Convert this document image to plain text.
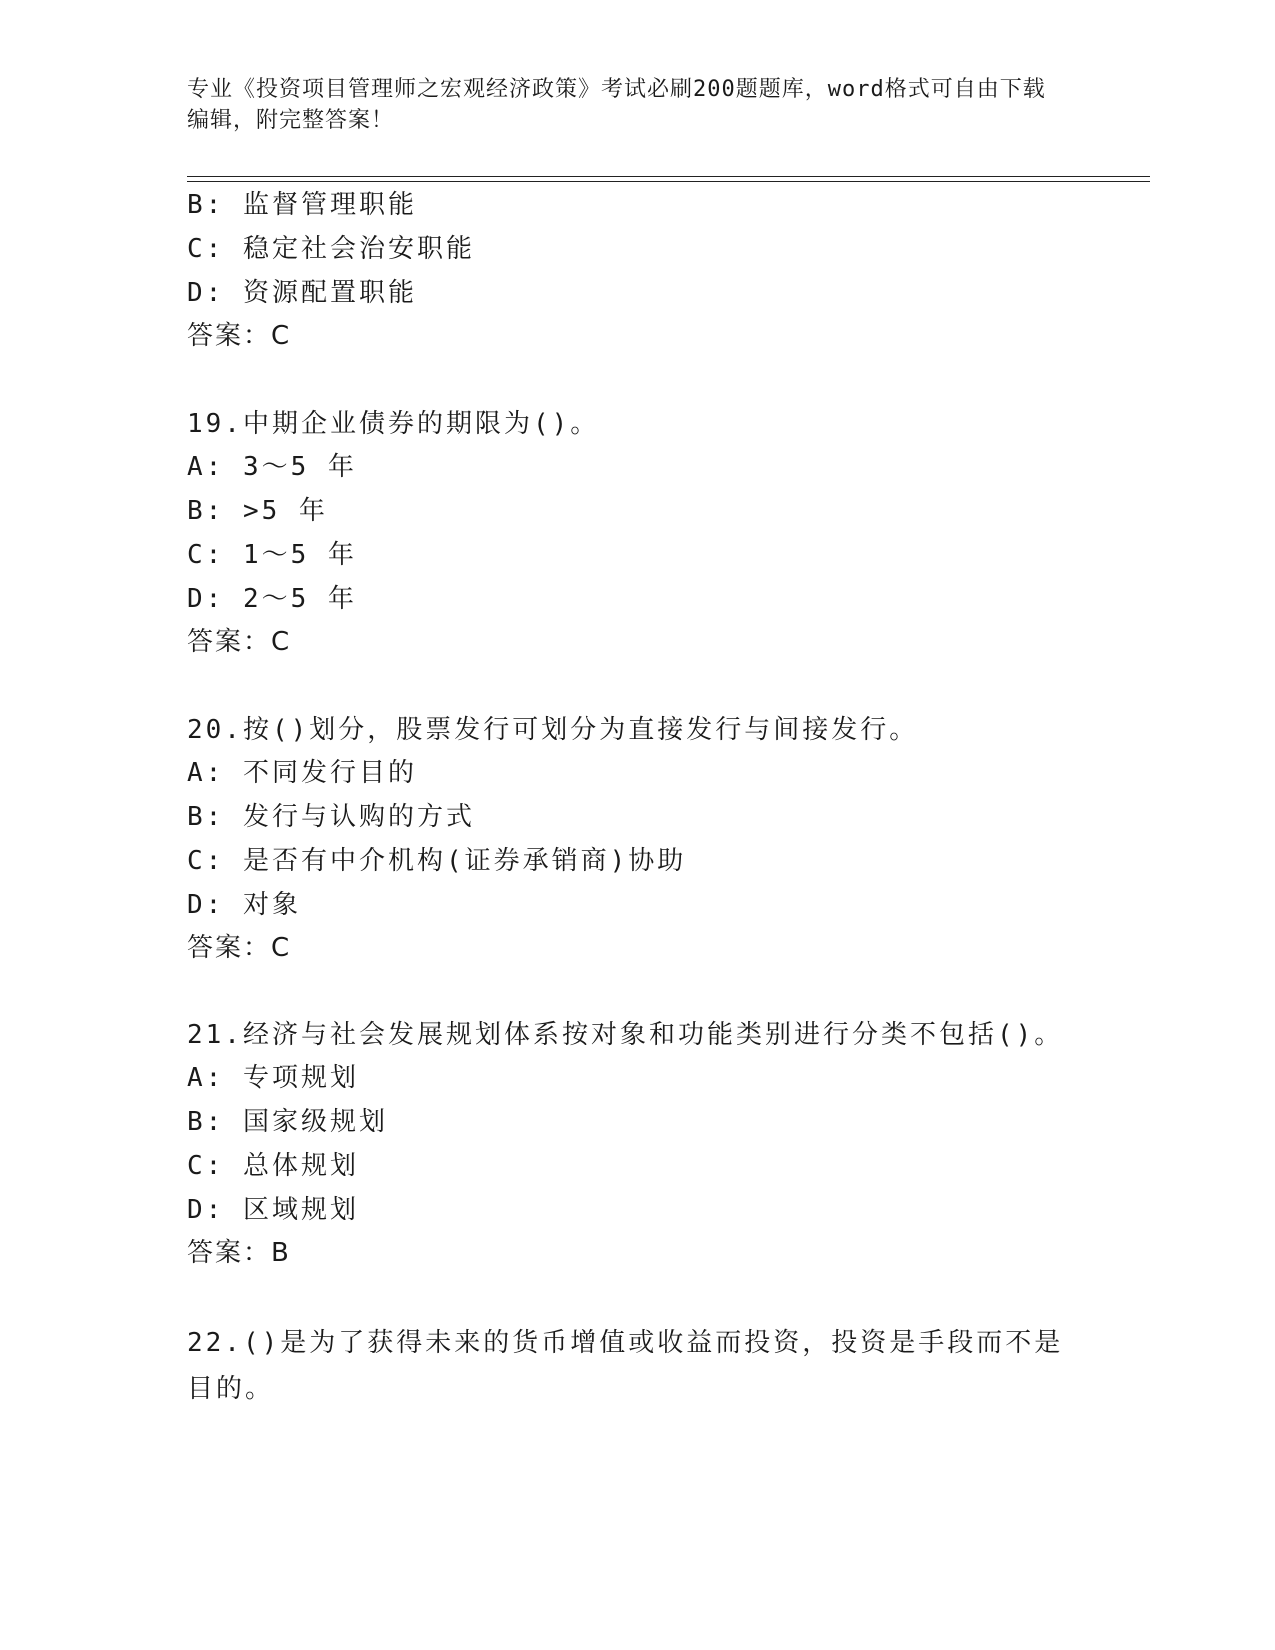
专业《投资项目管理师之宏观经济政策》考试必刷200题题库，word格式可自由下载编辑，附完整答案！
B: 监督管理职能
C: 稳定社会治安职能
D: 资源配置职能
答案：C
19.中期企业债券的期限为()。
A: 3～5 年
B: >5 年
C: 1～5 年
D: 2～5 年
答案：C
20.按()划分，股票发行可划分为直接发行与间接发行。
A: 不同发行目的
B: 发行与认购的方式
C: 是否有中介机构(证券承销商)协助
D: 对象
答案：C
21.经济与社会发展规划体系按对象和功能类别进行分类不包括()。
A: 专项规划
B: 国家级规划
C: 总体规划
D: 区域规划
答案：B
22.()是为了获得未来的货币增值或收益而投资，投资是手段而不是目的。
